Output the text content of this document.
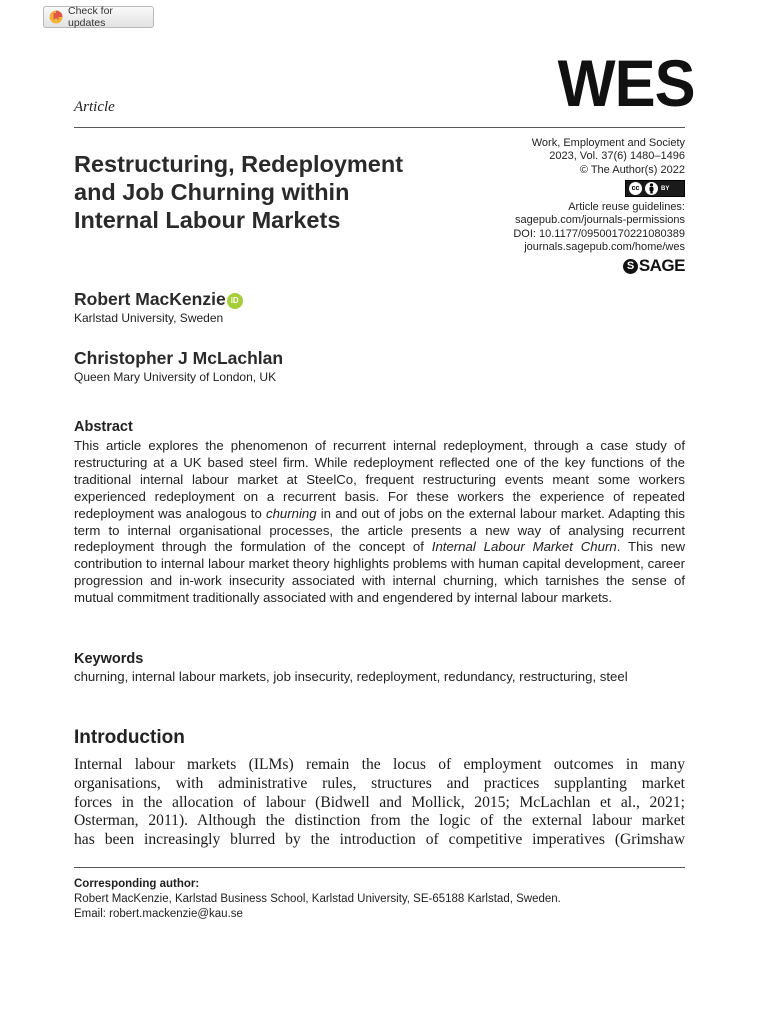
Check for updates
Article	WES
Restructuring, Redeployment
and Job Churning within
Internal Labour Markets
Work, Employment and Society
2023, Vol. 37(6) 1480–1496
© The Author(s) 2022
cc	BY
Article reuse guidelines:
sagepub.com/journals-permissions
DOI: 10.1177/09500170221080389
journals.sagepub.com/home/wes
S SAGE
Robert MacKenzie iD
Karlstad University, Sweden
Christopher J McLachlan
Queen Mary University of London, UK
Abstract
This article explores the phenomenon of recurrent internal redeployment, through a case study of restructuring at a UK based steel firm. While redeployment reflected one of the key functions of the traditional internal labour market at SteelCo, frequent restructuring events meant some workers experienced redeployment on a recurrent basis. For these workers the experience of repeated redeployment was analogous to churning in and out of jobs on the external labour market. Adapting this term to internal organisational processes, the article presents a new way of analysing recurrent redeployment through the formulation of the concept of Internal Labour Market Churn. This new contribution to internal labour market theory highlights problems with human capital development, career progression and in-work insecurity associated with internal churning, which tarnishes the sense of mutual commitment traditionally associated with and engendered by internal labour markets.
Keywords
churning, internal labour markets, job insecurity, redeployment, redundancy, restructuring, steel
Introduction
Internal labour markets (ILMs) remain the locus of employment outcomes in many
organisations, with administrative rules, structures and practices supplanting market
forces in the allocation of labour (Bidwell and Mollick, 2015; McLachlan et al., 2021;
Osterman, 2011). Although the distinction from the logic of the external labour market
has been increasingly blurred by the introduction of competitive imperatives (Grimshaw
Corresponding author:
Robert MacKenzie, Karlstad Business School, Karlstad University, SE-65188 Karlstad, Sweden.
Email: robert.mackenzie@kau.se
